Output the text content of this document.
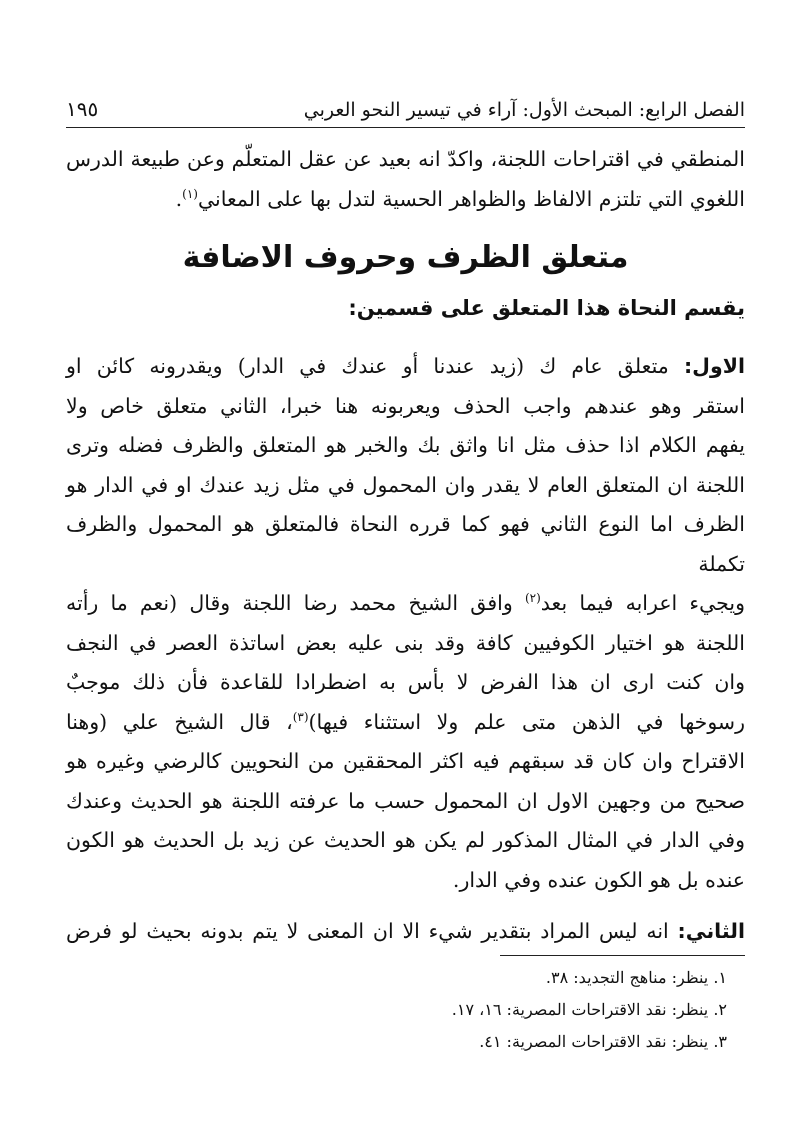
الفصل الرابع: المبحث الأول: آراء في تيسير النحو العربي
١٩٥

المنطقي في اقتراحات اللجنة، واكدّ انه بعيد عن عقل المتعلّم وعن طبيعة الدرس

اللغوي التي تلتزم الالفاظ والظواهر الحسية لتدل بها على المعاني$^{(١)}$.

متعلق الظرف وحروف الاضافة
يقسم النحاة هذا المتعلق على قسمين:

الاول: متعلق عام ك (زيد عندنا أو عندك في الدار) ويقدرونه كائن او

استقر وهو عندهم واجب الحذف ويعربونه هنا خبرا، الثاني متعلق خاص ولا

يفهم الكلام اذا حذف مثل انا واثق بك والخبر هو المتعلق والظرف فضله وترى

اللجنة ان المتعلق العام لا يقدر وان المحمول في مثل زيد عندك او في الدار هو

الظرف اما النوع الثاني فهو كما قرره النحاة فالمتعلق هو المحمول والظرف تكملة

ويجيء اعرابه فيما بعد$^{(٢)}$ وافق الشيخ محمد رضا اللجنة وقال (نعم ما رأته

اللجنة هو اختيار الكوفيين كافة وقد بنى عليه بعض اساتذة العصر في النجف

وان كنت ارى ان هذا الفرض لا بأس به اضطرادا للقاعدة فأن ذلك موجبٌ

رسوخها في الذهن متى علم ولا استثناء فيها)$^{(٣)}$، قال الشيخ علي (وهنا

الاقتراح وان كان قد سبقهم فيه اكثر المحققين من النحويين كالرضي وغيره هو

صحيح من وجهين الاول ان المحمول حسب ما عرفته اللجنة هو الحديث وعندك

وفي الدار في المثال المذكور لم يكن هو الحديث عن زيد بل الحديث هو الكون

عنده بل هو الكون عنده وفي الدار.

الثاني: انه ليس المراد بتقدير شيء الا ان المعنى لا يتم بدونه بحيث لو فرض

١. ينظر: مناهج التجديد: ٣٨.
٢. ينظر: نقد الاقتراحات المصرية: ١٦، ١٧.
٣. ينظر: نقد الاقتراحات المصرية: ٤١.
